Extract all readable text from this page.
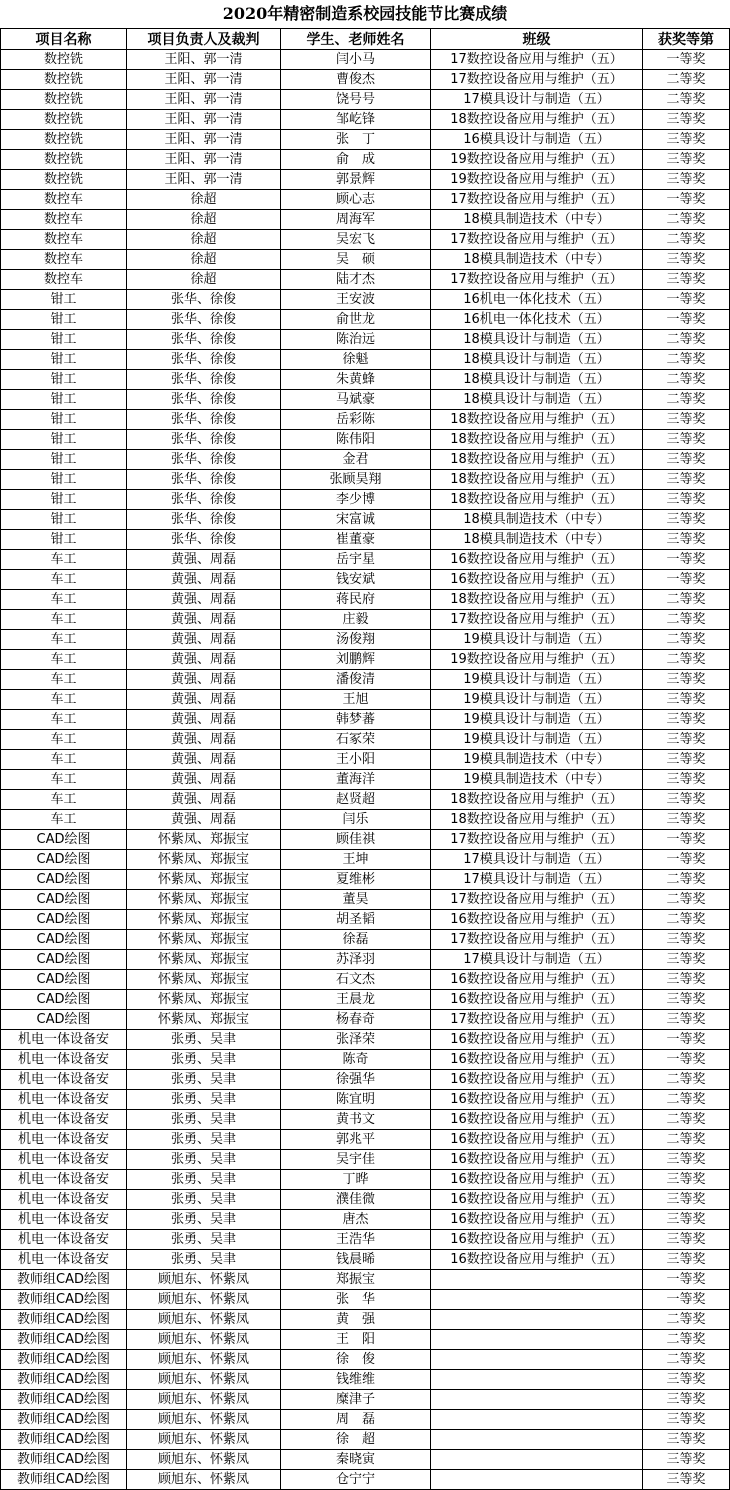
2020年精密制造系校园技能节比赛成绩
项目名称	项目负责人及裁判	学生、老师姓名	班级	获奖等第
数控铣	王阳、郭一清	闫小马	17数控设备应用与维护（五）	一等奖
数控铣	王阳、郭一清	曹俊杰	17数控设备应用与维护（五）	二等奖
数控铣	王阳、郭一清	饶号号	17模具设计与制造（五）	二等奖
数控铣	王阳、郭一清	邹屹锋	18数控设备应用与维护（五）	三等奖
数控铣	王阳、郭一清	张　丁	16模具设计与制造（五）	三等奖
数控铣	王阳、郭一清	俞　成	19数控设备应用与维护（五）	三等奖
数控铣	王阳、郭一清	郭景辉	19数控设备应用与维护（五）	三等奖
数控车	徐超	顾心志	17数控设备应用与维护（五）	一等奖
数控车	徐超	周海军	18模具制造技术（中专）	二等奖
数控车	徐超	吴宏飞	17数控设备应用与维护（五）	二等奖
数控车	徐超	吴　硕	18模具制造技术（中专）	三等奖
数控车	徐超	陆才杰	17数控设备应用与维护（五）	三等奖
钳工	张华、徐俊	王安波	16机电一体化技术（五）	一等奖
钳工	张华、徐俊	俞世龙	16机电一体化技术（五）	一等奖
钳工	张华、徐俊	陈治远	18模具设计与制造（五）	二等奖
钳工	张华、徐俊	徐魁	18模具设计与制造（五）	二等奖
钳工	张华、徐俊	朱黄蜂	18模具设计与制造（五）	二等奖
钳工	张华、徐俊	马斌豪	18模具设计与制造（五）	二等奖
钳工	张华、徐俊	岳彩陈	18数控设备应用与维护（五）	三等奖
钳工	张华、徐俊	陈伟阳	18数控设备应用与维护（五）	三等奖
钳工	张华、徐俊	金君	18数控设备应用与维护（五）	三等奖
钳工	张华、徐俊	张顾昊翔	18数控设备应用与维护（五）	三等奖
钳工	张华、徐俊	李少博	18数控设备应用与维护（五）	三等奖
钳工	张华、徐俊	宋富诚	18模具制造技术（中专）	三等奖
钳工	张华、徐俊	崔董豪	18模具制造技术（中专）	三等奖
车工	黄强、周磊	岳宇星	16数控设备应用与维护（五）	一等奖
车工	黄强、周磊	钱安斌	16数控设备应用与维护（五）	一等奖
车工	黄强、周磊	蒋民府	18数控设备应用与维护（五）	二等奖
车工	黄强、周磊	庄毅	17数控设备应用与维护（五）	二等奖
车工	黄强、周磊	汤俊翔	19模具设计与制造（五）	二等奖
车工	黄强、周磊	刘鹏辉	19数控设备应用与维护（五）	二等奖
车工	黄强、周磊	潘俊清	19模具设计与制造（五）	三等奖
车工	黄强、周磊	王旭	19模具设计与制造（五）	三等奖
车工	黄强、周磊	韩梦蕃	19模具设计与制造（五）	三等奖
车工	黄强、周磊	石冢荣	19模具设计与制造（五）	三等奖
车工	黄强、周磊	王小阳	19模具制造技术（中专）	三等奖
车工	黄强、周磊	董海洋	19模具制造技术（中专）	三等奖
车工	黄强、周磊	赵贤超	18数控设备应用与维护（五）	三等奖
车工	黄强、周磊	闫乐	18数控设备应用与维护（五）	三等奖
CAD绘图	怀紫凤、郑振宝	顾佳祺	17数控设备应用与维护（五）	一等奖
CAD绘图	怀紫凤、郑振宝	王坤	17模具设计与制造（五）	一等奖
CAD绘图	怀紫凤、郑振宝	夏维彬	17模具设计与制造（五）	二等奖
CAD绘图	怀紫凤、郑振宝	董昊	17数控设备应用与维护（五）	二等奖
CAD绘图	怀紫凤、郑振宝	胡圣韬	16数控设备应用与维护（五）	二等奖
CAD绘图	怀紫凤、郑振宝	徐磊	17数控设备应用与维护（五）	三等奖
CAD绘图	怀紫凤、郑振宝	苏泽羽	17模具设计与制造（五）	三等奖
CAD绘图	怀紫凤、郑振宝	石文杰	16数控设备应用与维护（五）	三等奖
CAD绘图	怀紫凤、郑振宝	王晨龙	16数控设备应用与维护（五）	三等奖
CAD绘图	怀紫凤、郑振宝	杨春奇	17数控设备应用与维护（五）	三等奖
机电一体设备安	张勇、吴聿	张泽荣	16数控设备应用与维护（五）	一等奖
机电一体设备安	张勇、吴聿	陈奇	16数控设备应用与维护（五）	一等奖
机电一体设备安	张勇、吴聿	徐强华	16数控设备应用与维护（五）	二等奖
机电一体设备安	张勇、吴聿	陈宜明	16数控设备应用与维护（五）	二等奖
机电一体设备安	张勇、吴聿	黄书文	16数控设备应用与维护（五）	二等奖
机电一体设备安	张勇、吴聿	郭兆平	16数控设备应用与维护（五）	二等奖
机电一体设备安	张勇、吴聿	吴宇佳	16数控设备应用与维护（五）	三等奖
机电一体设备安	张勇、吴聿	丁晔	16数控设备应用与维护（五）	三等奖
机电一体设备安	张勇、吴聿	濮佳微	16数控设备应用与维护（五）	三等奖
机电一体设备安	张勇、吴聿	唐杰	16数控设备应用与维护（五）	三等奖
机电一体设备安	张勇、吴聿	王浩华	16数控设备应用与维护（五）	三等奖
机电一体设备安	张勇、吴聿	钱晨晞	16数控设备应用与维护（五）	三等奖
教师组CAD绘图	顾旭东、怀紫凤	郑振宝		一等奖
教师组CAD绘图	顾旭东、怀紫凤	张　华		一等奖
教师组CAD绘图	顾旭东、怀紫凤	黄　强		二等奖
教师组CAD绘图	顾旭东、怀紫凤	王　阳		二等奖
教师组CAD绘图	顾旭东、怀紫凤	徐　俊		二等奖
教师组CAD绘图	顾旭东、怀紫凤	钱维维		三等奖
教师组CAD绘图	顾旭东、怀紫凤	糜津子		三等奖
教师组CAD绘图	顾旭东、怀紫凤	周　磊		三等奖
教师组CAD绘图	顾旭东、怀紫凤	徐　超		三等奖
教师组CAD绘图	顾旭东、怀紫凤	秦晓寅		三等奖
教师组CAD绘图	顾旭东、怀紫凤	仓宁宁		三等奖
